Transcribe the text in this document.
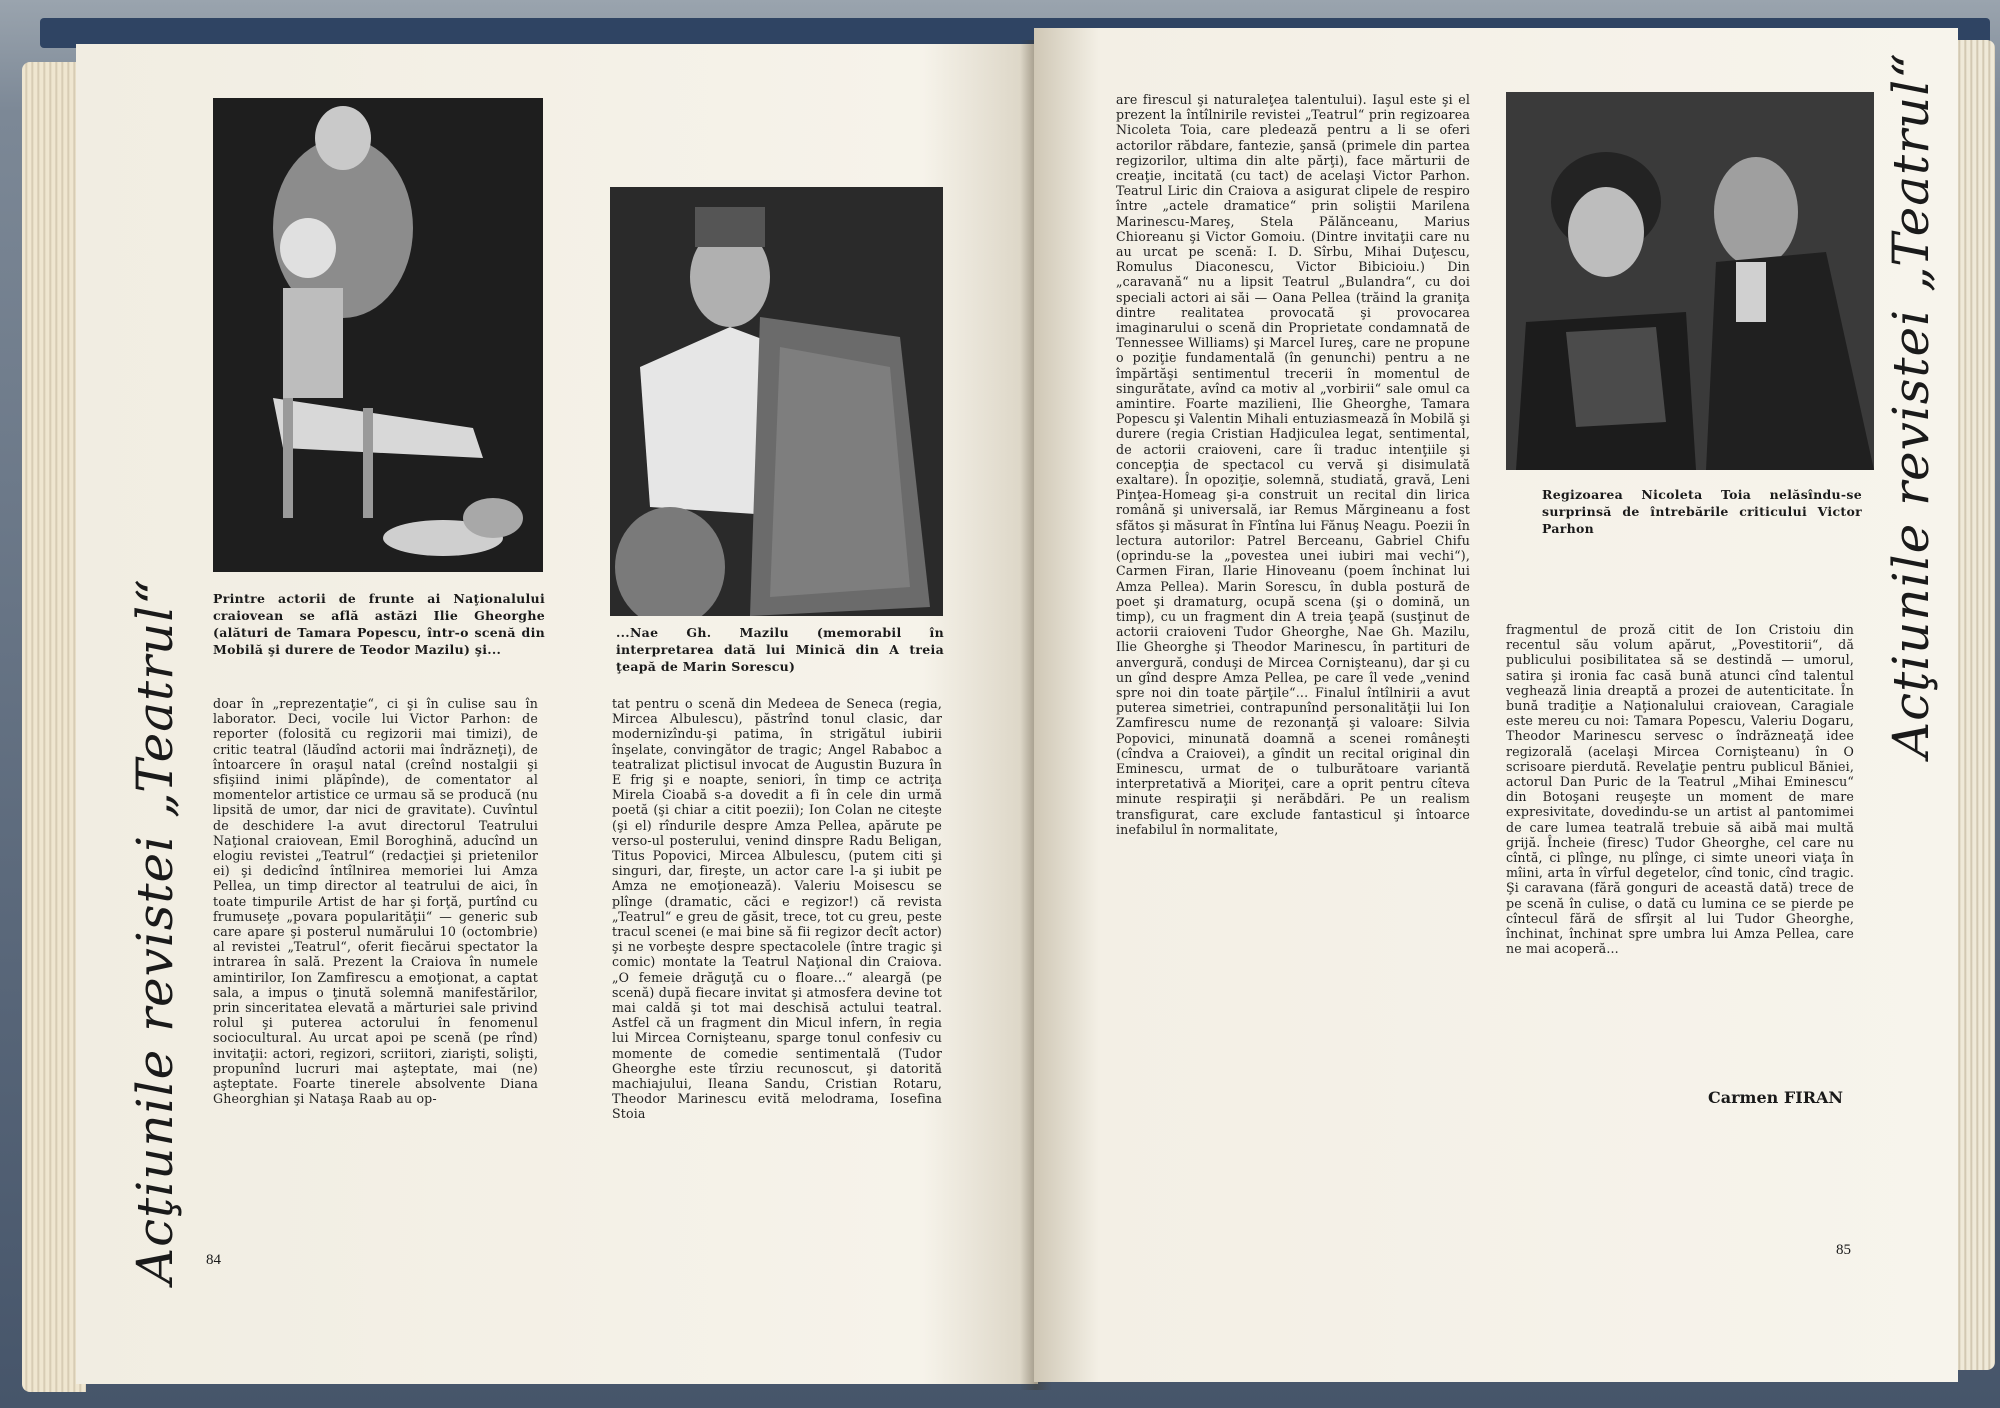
Printre actorii de frunte ai Naţionalului craiovean se află astăzi Ilie Gheorghe (alături de Tamara Popescu, într-o scenă din Mobilă şi durere de Teodor Mazilu) şi...
...Nae Gh. Mazilu (memorabil în interpretarea dată lui Minică din A treia ţeapă de Marin Sorescu)

doar în „reprezentaţie“, ci şi în culise sau în laborator. Deci, vocile lui Victor Parhon: de reporter (folosită cu regizorii mai timizi), de critic teatral (lăudînd actorii mai îndrăzneţi), de întoarcere în oraşul natal (creînd nostalgii şi sfişiind inimi plăpînde), de comentator al momentelor artistice ce urmau să se producă (nu lipsită de umor, dar nici de gravitate). Cuvîntul de deschidere l-a avut directorul Teatrului Naţional craiovean, Emil Boroghină, aducînd un elogiu revistei „Teatrul“ (redacţiei şi prietenilor ei) şi dedicînd întîlnirea memoriei lui Amza Pellea, un timp director al teatrului de aici, în toate timpurile Artist de har şi forţă, purtînd cu frumuseţe „povara popularităţii“ — generic sub care apare şi posterul numărului 10 (octombrie) al revistei „Teatrul“, oferit fiecărui spectator la intrarea în sală. Prezent la Craiova în numele amintirilor, Ion Zamfirescu a emoţionat, a captat sala, a impus o ţinută solemnă manifestărilor, prin sinceritatea elevată a mărturiei sale privind rolul şi puterea actorului în fenomenul sociocultural. Au urcat apoi pe scenă (pe rînd) invitaţii: actori, regizori, scriitori, ziarişti, solişti, propunînd lucruri mai aşteptate, mai (ne) aşteptate. Foarte tinerele absolvente Diana Gheorghian şi Nataşa Raab au op-

tat pentru o scenă din Medeea de Seneca (regia, Mircea Albulescu), păstrînd tonul clasic, dar modernizîndu-şi patima, în strigătul iubirii înşelate, convingător de tragic; Angel Rababoc a teatralizat plictisul invocat de Augustin Buzura în E frig şi e noapte, seniori, în timp ce actriţa Mirela Cioabă s-a dovedit a fi în cele din urmă poetă (şi chiar a citit poezii); Ion Colan ne citeşte (şi el) rîndurile despre Amza Pellea, apărute pe verso-ul posterului, venind dinspre Radu Beligan, Titus Popovici, Mircea Albulescu, (putem citi şi singuri, dar, fireşte, un actor care l-a şi iubit pe Amza ne emoţionează). Valeriu Moisescu se plînge (dramatic, căci e regizor!) că revista „Teatrul“ e greu de găsit, trece, tot cu greu, peste tracul scenei (e mai bine să fii regizor decît actor) şi ne vorbeşte despre spectacolele (între tragic şi comic) montate la Teatrul Naţional din Craiova. „O femeie drăguţă cu o floare...“ aleargă (pe scenă) după fiecare invitat şi atmosfera devine tot mai caldă şi tot mai deschisă actului teatral. Astfel că un fragment din Micul infern, în regia lui Mircea Cornişteanu, sparge tonul confesiv cu momente de comedie sentimentală (Tudor Gheorghe este tîrziu recunoscut, şi datorită machiajului, Ileana Sandu, Cristian Rotaru, Theodor Marinescu evită melodrama, Iosefina Stoia

Acţiunile revistei „Teatrul“ 84

are firescul şi naturaleţea talentului). Iaşul este şi el prezent la întîlnirile revistei „Teatrul“ prin regizoarea Nicoleta Toia, care pledează pentru a li se oferi actorilor răbdare, fantezie, şansă (primele din partea regizorilor, ultima din alte părţi), face mărturii de creaţie, incitată (cu tact) de acelaşi Victor Parhon. Teatrul Liric din Craiova a asigurat clipele de respiro între „actele dramatice“ prin soliştii Marilena Marinescu-Mareş, Stela Pălănceanu, Marius Chioreanu şi Victor Gomoiu. (Dintre invitaţii care nu au urcat pe scenă: I. D. Sîrbu, Mihai Duţescu, Romulus Diaconescu, Victor Bibicioiu.) Din „caravană“ nu a lipsit Teatrul „Bulandra“, cu doi speciali actori ai săi — Oana Pellea (trăind la graniţa dintre realitatea provocată şi provocarea imaginarului o scenă din Proprietate condamnată de Tennessee Williams) şi Marcel Iureş, care ne propune o poziţie fundamentală (în genunchi) pentru a ne împărtăşi sentimentul trecerii în momentul de singurătate, avînd ca motiv al „vorbirii“ sale omul ca amintire. Foarte mazilieni, Ilie Gheorghe, Tamara Popescu şi Valentin Mihali entuziasmează în Mobilă şi durere (regia Cristian Hadjiculea legat, sentimental, de actorii craioveni, care îi traduc intenţiile şi concepţia de spectacol cu vervă şi disimulată exaltare). În opoziţie, solemnă, studiată, gravă, Leni Pinţea-Homeag şi-a construit un recital din lirica română şi universală, iar Remus Mărgineanu a fost sfătos şi măsurat în Fîntîna lui Fănuş Neagu. Poezii în lectura autorilor: Patrel Berceanu, Gabriel Chifu (oprindu-se la „povestea unei iubiri mai vechi“), Carmen Firan, Ilarie Hinoveanu (poem închinat lui Amza Pellea). Marin Sorescu, în dubla postură de poet şi dramaturg, ocupă scena (şi o domină, un timp), cu un fragment din A treia ţeapă (susţinut de actorii craioveni Tudor Gheorghe, Nae Gh. Mazilu, Ilie Gheorghe şi Theodor Marinescu, în partituri de anvergură, conduşi de Mircea Cornişteanu), dar şi cu un gînd despre Amza Pellea, pe care îl vede „venind spre noi din toate părţile“... Finalul întîlnirii a avut puterea simetriei, contrapunînd personalităţii lui Ion Zamfirescu nume de rezonanţă şi valoare: Silvia Popovici, minunată doamnă a scenei româneşti (cîndva a Craiovei), a gîndit un recital original din Eminescu, urmat de o tulburătoare variantă interpretativă a Mioriţei, care a oprit pentru cîteva minute respiraţii şi nerăbdări. Pe un realism transfigurat, care exclude fantasticul şi întoarce inefabilul în normalitate,

Regizoarea Nicoleta Toia nelăsîndu-se surprinsă de întrebările criticului Victor Parhon

fragmentul de proză citit de Ion Cristoiu din recentul său volum apărut, „Povestitorii“, dă publicului posibilitatea să se destindă — umorul, satira şi ironia fac casă bună atunci cînd talentul veghează linia dreaptă a prozei de autenticitate. În bună tradiţie a Naţionalului craiovean, Caragiale este mereu cu noi: Tamara Popescu, Valeriu Dogaru, Theodor Marinescu servesc o îndrăzneaţă idee regizorală (acelaşi Mircea Cornişteanu) în O scrisoare pierdută. Revelaţie pentru publicul Băniei, actorul Dan Puric de la Teatrul „Mihai Eminescu“ din Botoşani reuşeşte un moment de mare expresivitate, dovedindu-se un artist al pantomimei de care lumea teatrală trebuie să aibă mai multă grijă. Încheie (firesc) Tudor Gheorghe, cel care nu cîntă, ci plînge, nu plînge, ci simte uneori viaţa în mîini, arta în vîrful degetelor, cînd tonic, cînd tragic. Şi caravana (fără gonguri de această dată) trece de pe scenă în culise, o dată cu lumina ce se pierde pe cîntecul fără de sfîrşit al lui Tudor Gheorghe, închinat, închinat spre umbra lui Amza Pellea, care ne mai acoperă...

Carmen FIRAN
Acţiunile revistei „Teatrul“
85
